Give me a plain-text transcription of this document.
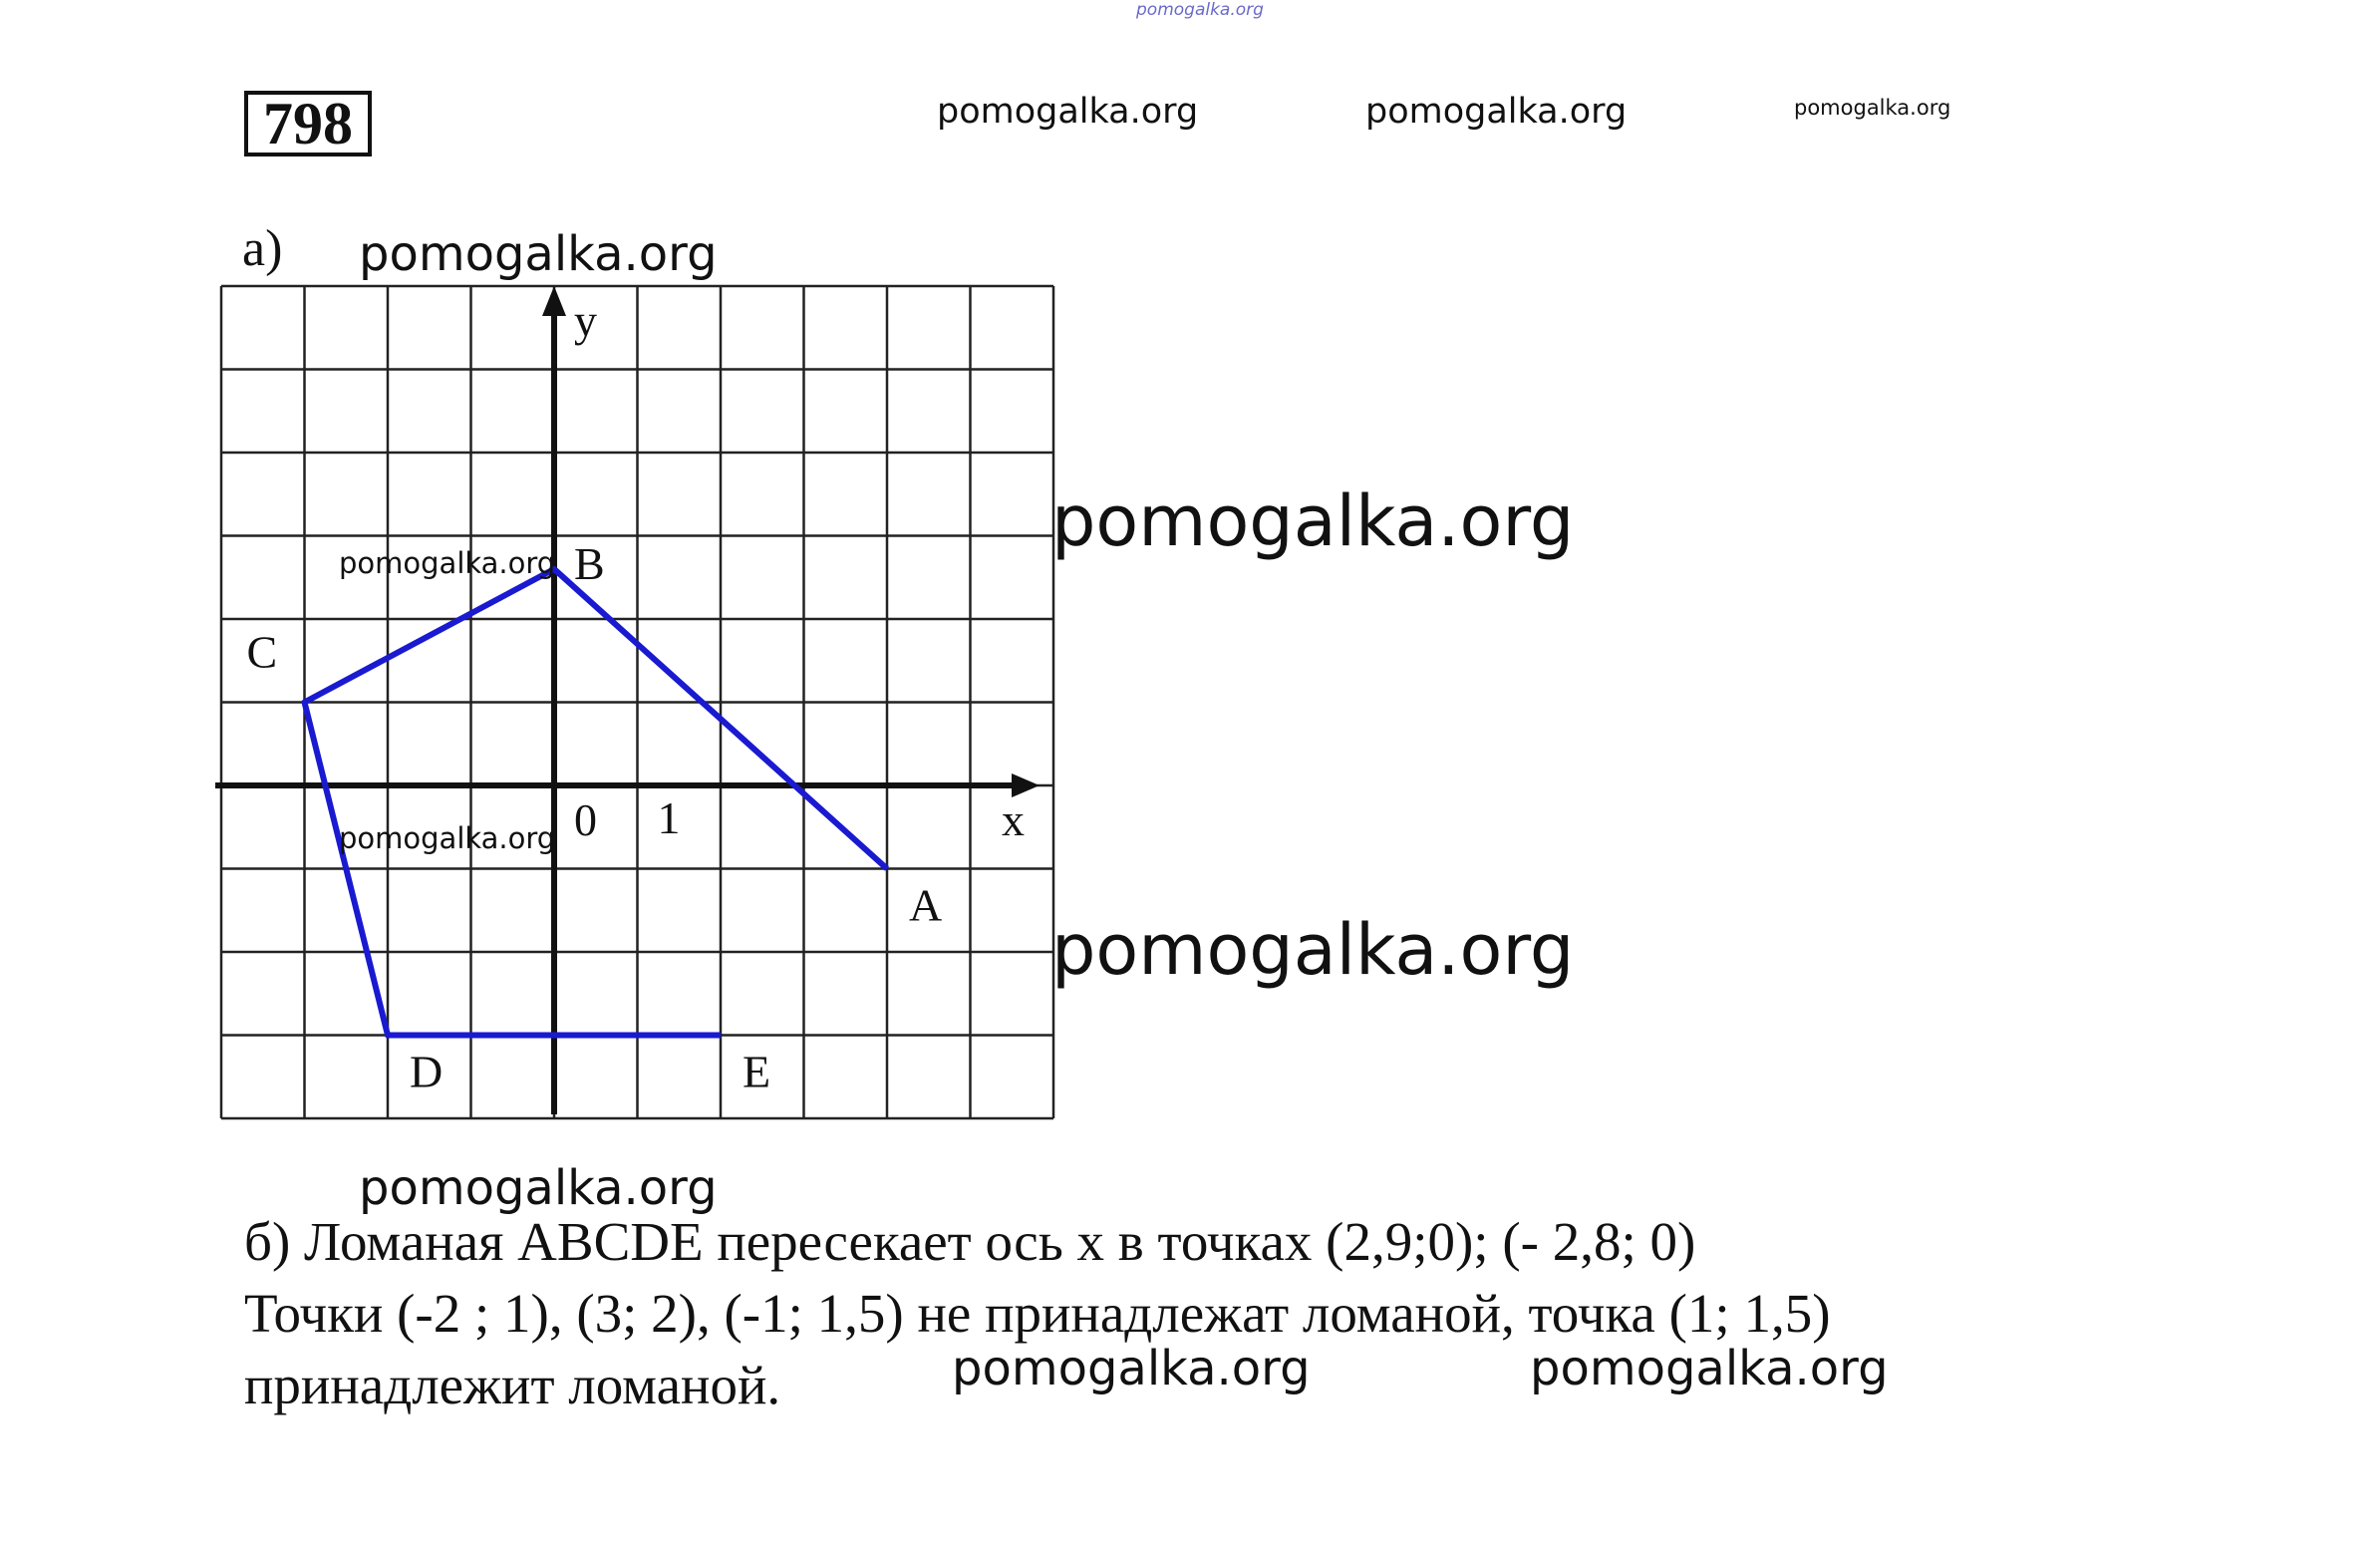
pomogalka.org
798	pomogalka.org	pomogalka.org	pomogalka.org
а) pomogalka.org
A
B
C
D	E
x
y
0 1
pomogalka.org
pomogalka.org
pomogalka.org
pomogalka.org
pomogalka.org
б) Ломаная ABCDE пересекает ось x в точках (2,9;0); (- 2,8; 0)
Точки (-2 ; 1), (3; 2), (-1; 1,5) не принадлежат ломаной, точка (1; 1,5)
принадлежит ломаной.	pomogalka.org	pomogalka.org
